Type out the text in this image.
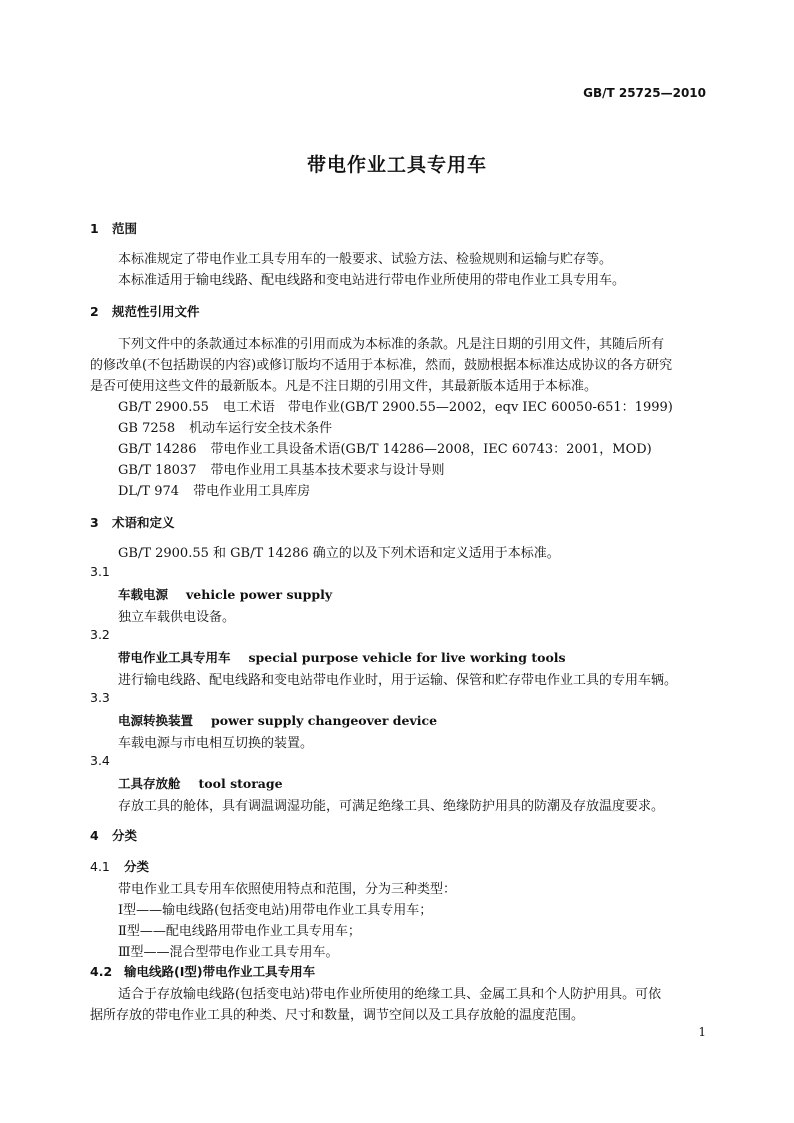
GB/T 25725—2010
带电作业工具专用车
1 范围
本标准规定了带电作业工具专用车的一般要求、试验方法、检验规则和运输与贮存等。
本标准适用于输电线路、配电线路和变电站进行带电作业所使用的带电作业工具专用车。
2 规范性引用文件
下列文件中的条款通过本标准的引用而成为本标准的条款。凡是注日期的引用文件，其随后所有
的修改单(不包括勘误的内容)或修订版均不适用于本标准，然而，鼓励根据本标准达成协议的各方研究
是否可使用这些文件的最新版本。凡是不注日期的引用文件，其最新版本适用于本标准。
GB/T 2900.55 电工术语　带电作业(GB/T 2900.55—2002，eqv IEC 60050-651：1999)
GB 7258 机动车运行安全技术条件
GB/T 14286 带电作业工具设备术语(GB/T 14286—2008，IEC 60743：2001，MOD)
GB/T 18037 带电作业用工具基本技术要求与设计导则
DL/T 974 带电作业用工具库房
3 术语和定义
GB/T 2900.55 和 GB/T 14286 确立的以及下列术语和定义适用于本标准。
3.1
车载电源 vehicle power supply
独立车载供电设备。
3.2
带电作业工具专用车 special purpose vehicle for live working tools
进行输电线路、配电线路和变电站带电作业时，用于运输、保管和贮存带电作业工具的专用车辆。
3.3
电源转换装置 power supply changeover device
车载电源与市电相互切换的装置。
3.4
工具存放舱 tool storage
存放工具的舱体，具有调温调湿功能，可满足绝缘工具、绝缘防护用具的防潮及存放温度要求。
4 分类
4.1 分类
带电作业工具专用车依照使用特点和范围，分为三种类型：
Ⅰ型——输电线路(包括变电站)用带电作业工具专用车；
Ⅱ型——配电线路用带电作业工具专用车；
Ⅲ型——混合型带电作业工具专用车。
4.2 输电线路(Ⅰ型)带电作业工具专用车
适合于存放输电线路(包括变电站)带电作业所使用的绝缘工具、金属工具和个人防护用具。可依
据所存放的带电作业工具的种类、尺寸和数量，调节空间以及工具存放舱的温度范围。
1
